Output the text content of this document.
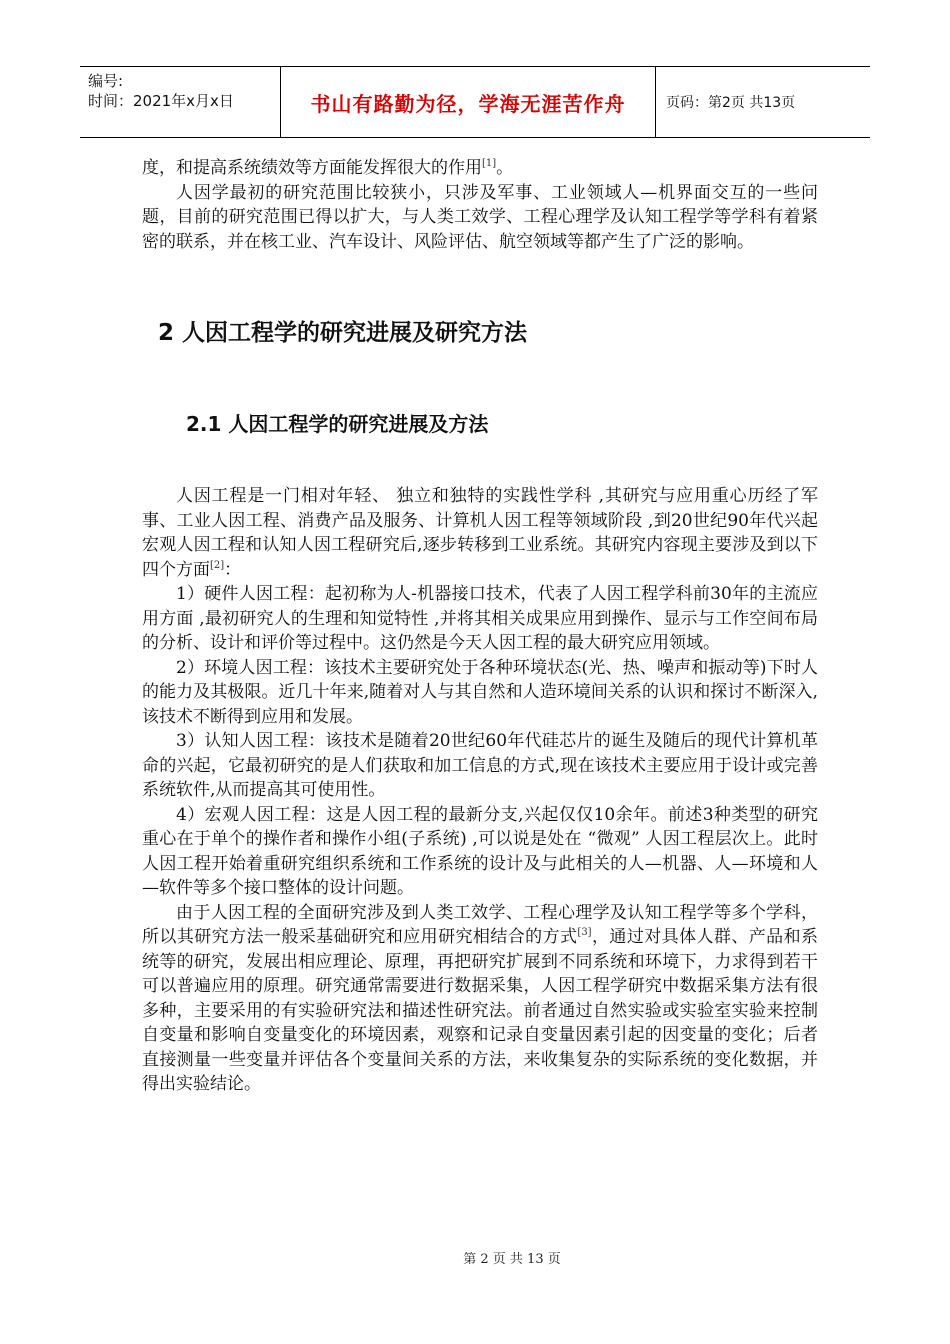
编号:
时间：2021年x月x日	书山有路勤为径，学海无涯苦作舟	页码：第2页 共13页

度，和提高系统绩效等方面能发挥很大的作用[1]。

人因学最初的研究范围比较狭小，只涉及军事、工业领域人—机界面交互的一些问题，目前的研究范围已得以扩大，与人类工效学、工程心理学及认知工程学等学科有着紧密的联系，并在核工业、汽车设计、风险评估、航空领域等都产生了广泛的影响。

2 人因工程学的研究进展及研究方法
2.1 人因工程学的研究进展及方法

人因工程是一门相对年轻、 独立和独特的实践性学科 ,其研究与应用重心历经了军事、工业人因工程、消费产品及服务、计算机人因工程等领域阶段 ,到20世纪90年代兴起宏观人因工程和认知人因工程研究后,逐步转移到工业系统。其研究内容现主要涉及到以下四个方面[2]：

1）硬件人因工程：起初称为人-机器接口技术，代表了人因工程学科前30年的主流应用方面 ,最初研究人的生理和知觉特性 ,并将其相关成果应用到操作、显示与工作空间布局的分析、设计和评价等过程中。这仍然是今天人因工程的最大研究应用领域。

2）环境人因工程：该技术主要研究处于各种环境状态(光、热、噪声和振动等)下时人的能力及其极限。近几十年来,随着对人与其自然和人造环境间关系的认识和探讨不断深入,该技术不断得到应用和发展。

3）认知人因工程：该技术是随着20世纪60年代硅芯片的诞生及随后的现代计算机革命的兴起，它最初研究的是人们获取和加工信息的方式,现在该技术主要应用于设计或完善系统软件,从而提高其可使用性。

4）宏观人因工程：这是人因工程的最新分支,兴起仅仅10余年。前述3种类型的研究重心在于单个的操作者和操作小组(子系统) ,可以说是处在 “微观” 人因工程层次上。此时人因工程开始着重研究组织系统和工作系统的设计及与此相关的人—机器、人—环境和人—软件等多个接口整体的设计问题。

由于人因工程的全面研究涉及到人类工效学、工程心理学及认知工程学等多个学科，所以其研究方法一般采基础研究和应用研究相结合的方式[3]，通过对具体人群、产品和系统等的研究，发展出相应理论、原理，再把研究扩展到不同系统和环境下，力求得到若干可以普遍应用的原理。研究通常需要进行数据采集，人因工程学研究中数据采集方法有很多种，主要采用的有实验研究法和描述性研究法。前者通过自然实验或实验室实验来控制自变量和影响自变量变化的环境因素，观察和记录自变量因素引起的因变量的变化；后者直接测量一些变量并评估各个变量间关系的方法，来收集复杂的实际系统的变化数据，并得出实验结论。

第 2 页 共 13 页
